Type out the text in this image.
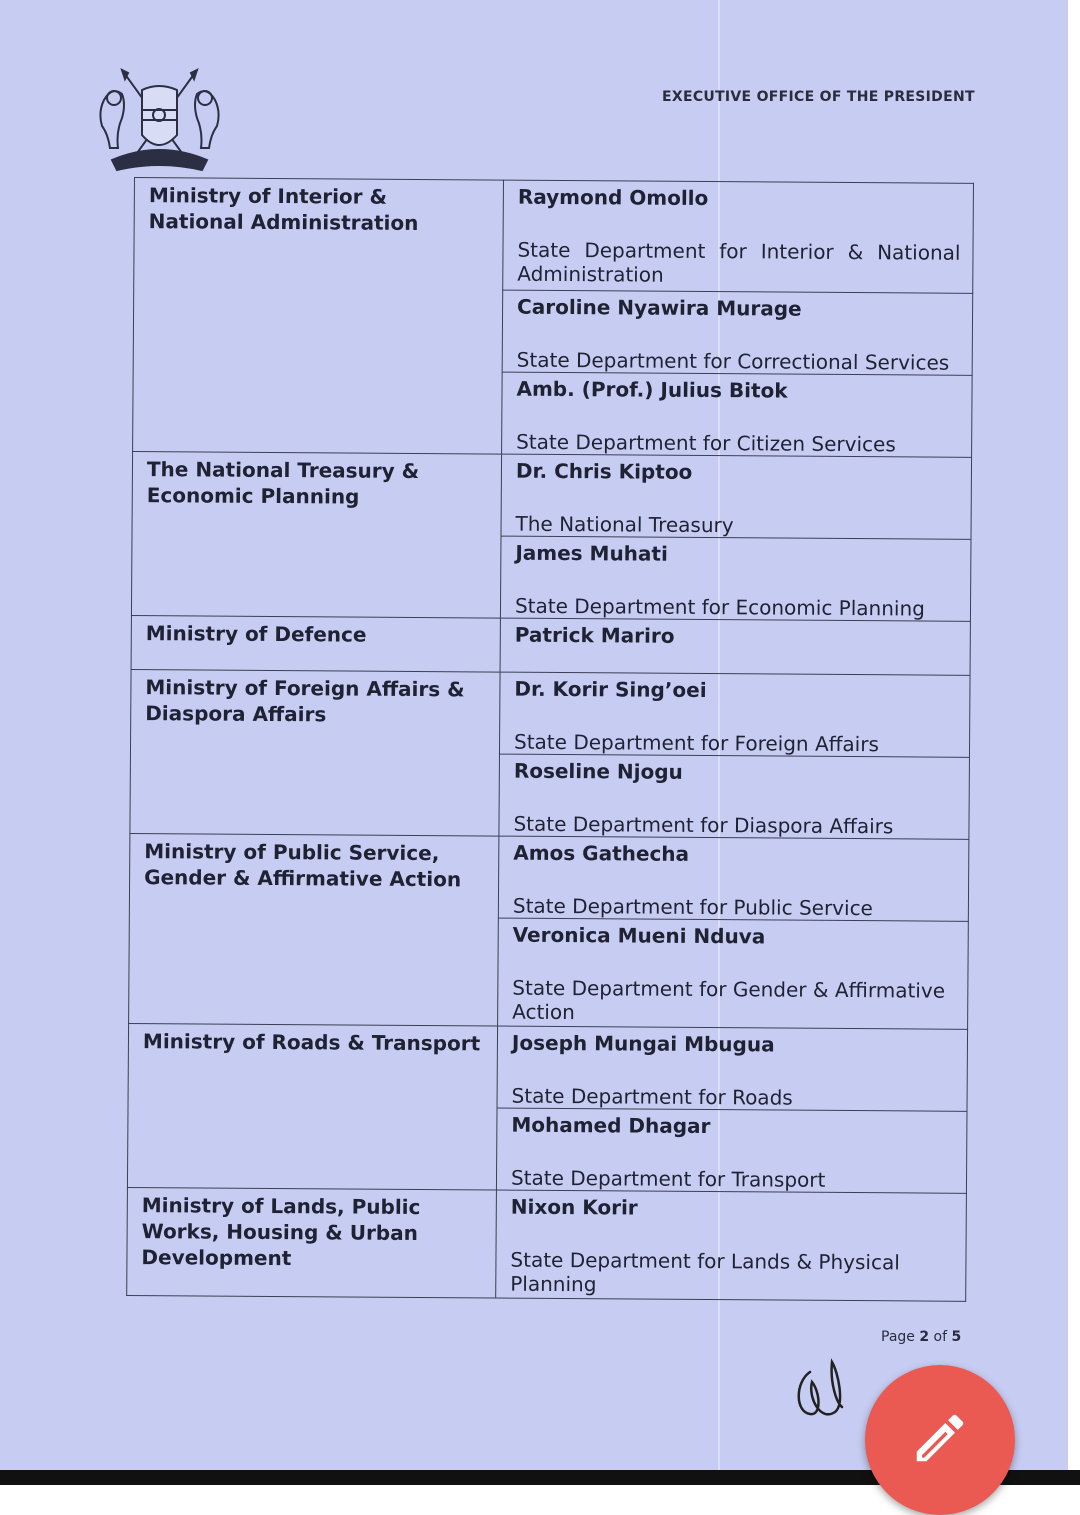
EXECUTIVE OFFICE OF THE PRESIDENT
Ministry of Interior & National Administration	Raymond Omollo
State Department for Interior & National Administration

	Caroline Nyawira Murage
State Department for Correctional Services

	Amb. (Prof.) Julius Bitok
State Department for Citizen Services

The National Treasury & Economic Planning	Dr. Chris Kiptoo
The National Treasury

	James Muhati
State Department for Economic Planning

Ministry of Defence	Patrick Mariro

Ministry of Foreign Affairs & Diaspora Affairs	Dr. Korir Sing’oei
State Department for Foreign Affairs

	Roseline Njogu
State Department for Diaspora Affairs

Ministry of Public Service, Gender & Affirmative Action	Amos Gathecha
State Department for Public Service

	Veronica Mueni Nduva
State Department for Gender & Affirmative Action

Ministry of Roads & Transport	Joseph Mungai Mbugua
State Department for Roads

	Mohamed Dhagar
State Department for Transport

Ministry of Lands, Public Works, Housing & Urban Development	Nixon Korir
State Department for Lands & Physical Planning
Page 2 of 5
